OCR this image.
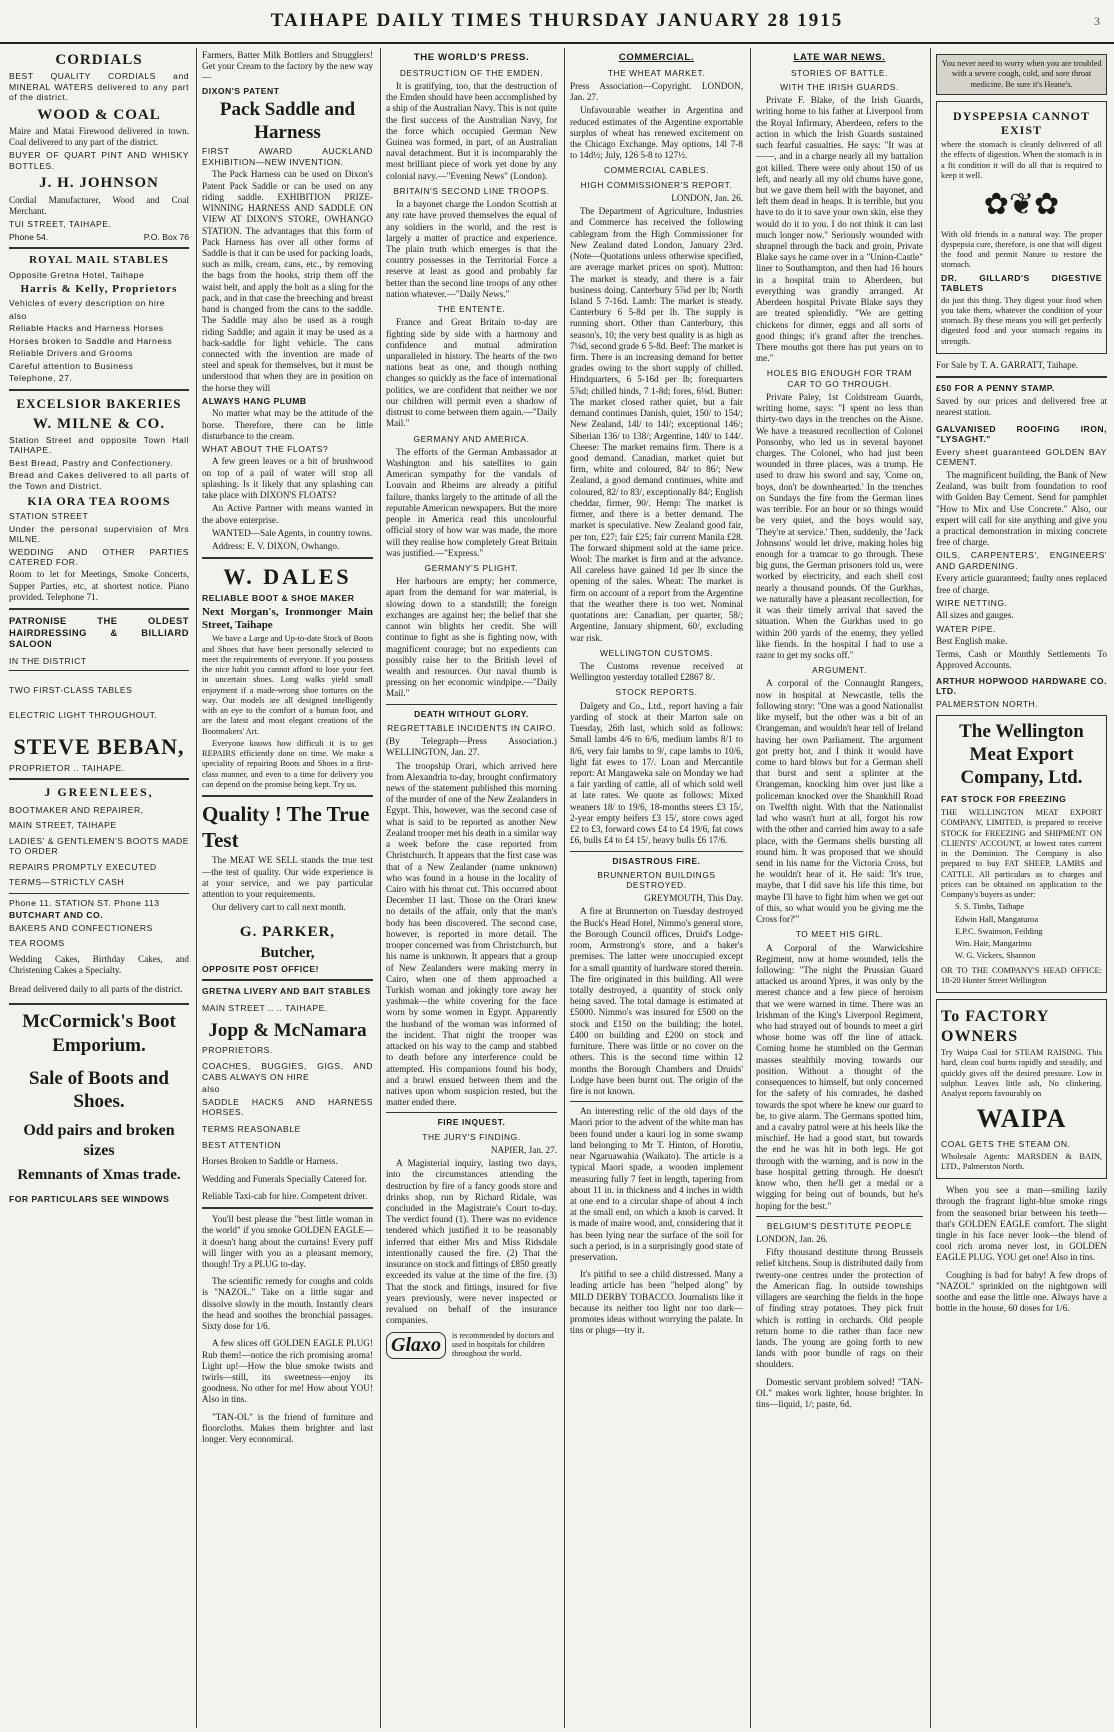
TAIHAPE DAILY TIMES THURSDAY JANUARY 28 1915	3
CORDIALS
BEST QUALITY CORDIALS and MINERAL WATERS delivered to any part of the district.
WOOD & COAL
Maire and Matai Firewood delivered in town. Coal delivered to any part of the district.
BUYER OF QUART PINT AND WHISKY BOTTLES.
J. H. JOHNSON
Cordial Manufacturer, Wood and Coal Merchant.
TUI STREET, TAIHAPE.
Phone 54.	P.O. Box 76
ROYAL MAIL STABLES
Opposite Gretna Hotel, Taihape
Harris & Kelly, Proprietors
Vehicles of every description on hire
also
Reliable Hacks and Harness Horses
Horses broken to Saddle and Harness
Reliable Drivers and Grooms
Careful attention to Business
Telephone, 27.
EXCELSIOR BAKERIES
W. MILNE & CO.
Station Street and opposite Town Hall TAIHAPE.
Best Bread, Pastry and Confectionery.
Bread and Cakes delivered to all parts of the Town and District.
KIA ORA TEA ROOMS
STATION STREET
Under the personal supervision of Mrs MILNE.
WEDDING AND OTHER PARTIES CATERED FOR.
Room to let for Meetings, Smoke Concerts, Supper Parties, etc, at shortest notice. Piano provided. Telephone 71.
PATRONISE THE OLDEST HAIRDRESSING & BILLIARD SALOON
IN THE DISTRICT
TWO FIRST-CLASS TABLES
ELECTRIC LIGHT THROUGHOUT.
STEVE BEBAN,
PROPRIETOR .. TAIHAPE.
J GREENLEES,
BOOTMAKER AND REPAIRER,
MAIN STREET, TAIHAPE
LADIES' & GENTLEMEN'S BOOTS MADE TO ORDER
REPAIRS PROMPTLY EXECUTED
TERMS—STRICTLY CASH
Phone 11. STATION ST. Phone 113
BUTCHART AND CO.
BAKERS AND CONFECTIONERS
TEA ROOMS
Wedding Cakes, Birthday Cakes, and Christening Cakes a Specialty.
Bread delivered daily to all parts of the district.
McCormick's Boot Emporium.
Sale of Boots and Shoes.
Odd pairs and broken sizes
Remnants of Xmas trade.
FOR PARTICULARS SEE WINDOWS
Farmers, Batter Milk Bottlers and Strugglers! Get your Cream to the factory by the new way—
DIXON'S PATENT
Pack Saddle and Harness
FIRST AWARD AUCKLAND EXHIBITION—NEW INVENTION.
The Pack Harness can be used on Dixon's Patent Pack Saddle or can be used on any riding saddle. EXHIBITION PRIZE-WINNING HARNESS AND SADDLE ON VIEW AT DIXON'S STORE, OWHANGO STATION. The advantages that this form of Pack Harness has over all other forms of Saddle is that it can be used for packing loads, such as milk, cream, cans, etc., by removing the bags from the hooks, strip them off the waist belt, and apply the bolt as a sling for the pack, and in that case the breeching and breast band is changed from the cans to the saddle. The Saddle may also be used as a rough riding Saddle; and again it may be used as a back-saddle for light vehicle. The cans connected with the invention are made of steel and speak for themselves, but it must be understood that when they are in position on the horse they will
ALWAYS HANG PLUMB
No matter what may be the attitude of the horse. Therefore, there can be little disturbance to the cream.
WHAT ABOUT THE FLOATS?
A few green leaves or a bit of brushwood on top of a pail of water will stop all splashing. Is it likely that any splashing can take place with DIXON'S FLOATS?
An Active Partner with means wanted in the above enterprise.
WANTED—Sale Agents, in country towns.
Address: E. V. DIXON, Owhango.
W. DALES
RELIABLE BOOT & SHOE MAKER
Next Morgan's, Ironmonger Main Street, Taihape
We have a Large and Up-to-date Stock of Boots and Shoes that have been personally selected to meet the requirements of everyone. If you possess the nice habit you cannot afford to lose your feet in uncertain shoes. Long walks yield small enjoyment if a made-wrong shoe tortures on the way. Our models are all designed intelligently with an eye to the comfort of a human foot, and are the latest and most elegant creations of the Bootmakers' Art.
Everyone knows how difficult it is to get REPAIRS efficiently done on time. We make a speciality of repairing Boots and Shoes in a first-class manner, and even to a time for delivery you can depend on the promise being kept. Try us.
Quality ! The True Test
The MEAT WE SELL stands the true test—the test of quality. Our wide experience is at your service, and we pay particular attention to your requirements.
Our delivery cart to call next month.
G. PARKER,
Butcher,
OPPOSITE POST OFFICE!
GRETNA LIVERY AND BAIT STABLES
MAIN STREET .. .. TAIHAPE.
Jopp & McNamara
PROPRIETORS.
COACHES, BUGGIES, GIGS, AND CABS ALWAYS ON HIRE
also
SADDLE HACKS AND HARNESS HORSES.
TERMS REASONABLE
BEST ATTENTION
Horses Broken to Saddle or Harness.
Wedding and Funerals Specially Catered for.
Reliable Taxi-cab for hire. Competent driver.
You'll best please the "best little woman in the world" if you smoke GOLDEN EAGLE—it doesn't hang about the curtains! Every puff will linger with you as a pleasant memory, though! Try a PLUG to-day.
The scientific remedy for coughs and colds is "NAZOL." Take on a little sugar and dissolve slowly in the mouth. Instantly clears the head and soothes the bronchial passages. Sixty dose for 1/6.
A few slices off GOLDEN EAGLE PLUG! Rub them!—notice the rich promising aroma! Light up!—How the blue smoke twists and twirls—still, its sweetness—enjoy its goodness. No other for me! How about YOU! Also in tins.
"TAN-OL" is the friend of furniture and floorcloths. Makes them brighter and last longer. Very economical.
THE WORLD'S PRESS.
DESTRUCTION OF THE EMDEN.
It is gratifying, too, that the destruction of the Emden should have been accomplished by a ship of the Australian Navy. This is not quite the first success of the Australian Navy, for the force which occupied German New Guinea was formed, in part, of an Australian naval detachment. But it is incomparably the most brilliant piece of work yet done by any colonial navy.—"Evening News" (London).
BRITAIN'S SECOND LINE TROOPS.
In a bayonet charge the London Scottish at any rate have proved themselves the equal of any soldiers in the world, and the rest is largely a matter of practice and experience. The plain truth which emerges is that the country possesses in the Territorial Force a reserve at least as good and probably far better than the second line troops of any other nation whatever.—"Daily News."
THE ENTENTE.
France and Great Britain to-day are fighting side by side with a harmony and confidence and mutual admiration unparalleled in history. The hearts of the two nations beat as one, and though nothing changes so quickly as the face of international politics, we are confident that neither we nor our children will permit even a shadow of distrust to come between them again.—"Daily Mail."
GERMANY AND AMERICA.
The efforts of the German Ambassador at Washington and his satellites to gain American sympathy for the vandals of Louvain and Rheims are already a pitiful failure, thanks largely to the attitude of all the reputable American newspapers. But the more people in America read this uncolourful official story of how war was made, the more will they realise how completely Great Britain was justified.—"Express."
GERMANY'S PLIGHT.
Her harbours are empty; her commerce, apart from the demand for war material, is slowing down to a standstill; the foreign exchanges are against her; the belief that she cannot win blights her credit. She will continue to fight as she is fighting now, with magnificent courage; but no expedients can possibly raise her to the British level of wealth and resources. Our naval thumb is pressing on her economic windpipe.—"Daily Mail."
DEATH WITHOUT GLORY.
REGRETTABLE INCIDENTS IN CAIRO.
(By Telegraph—Press Association.) WELLINGTON, Jan. 27.
The troopship Orari, which arrived here from Alexandria to-day, brought confirmatory news of the statement published this morning of the murder of one of the New Zealanders in Egypt. This, however, was the second case of what is said to be reported as another New Zealand trooper met his death in a similar way a week before the case reported from Christchurch. It appears that the first case was that of a New Zealander (name unknown) who was found in a house in the locality of Cairo with his throat cut. This occurred about December 11 last. Those on the Orari knew no details of the affair, only that the man's body has been discovered. The second case, however, is reported in more detail. The trooper concerned was from Christchurch, but his name is unknown. It appears that a group of New Zealanders were making merry in Cairo, when one of them approached a Turkish woman and jokingly tore away her yashmak—the white covering for the face worn by some women in Egypt. Apparently the husband of the woman was informed of the incident. That night the trooper was attacked on his way to the camp and stabbed to death before any interference could be attempted. His companions found his body, and a brawl ensued between them and the natives upon whom suspicion rested, but the matter ended there.
FIRE INQUEST.
THE JURY'S FINDING.
NAPIER, Jan. 27.
A Magisterial inquiry, lasting two days, into the circumstances attending the destruction by fire of a fancy goods store and drinks shop, run by Richard Ridale, was concluded in the Magistrate's Court to-day. The verdict found (1). There was no evidence tendered which justified it to be reasonably inferred that either Mrs and Miss Ridsdale intentionally caused the fire. (2) That the insurance on stock and fittings of £850 greatly exceeded its value at the time of the fire. (3) That the stock and fittings, insured for five years previously, were never inspected or revalued on behalf of the insurance companies.
Glaxo	is recommended by doctors and used in hospitals for children throughout the world.
COMMERCIAL.
THE WHEAT MARKET.
Press Association—Copyright. LONDON, Jan. 27.
Unfavourable weather in Argentina and reduced estimates of the Argentine exportable surplus of wheat has renewed excitement on the Chicago Exchange. May options, 14l 7-8 to 14d½; July, 126 5-8 to 127½.
COMMERCIAL CABLES.
HIGH COMMISSIONER'S REPORT.
LONDON, Jan. 26.
The Department of Agriculture, Industries and Commerce has received the following cablegram from the High Commissioner for New Zealand dated London, January 23rd. (Note—Quotations unless otherwise specified, are average market prices on spot). Mutton: The market is steady, and there is a fair business doing. Canterbury 5⅞d per lb; North Island 5 7-16d. Lamb: The market is steady. Canterbury 6 5-8d per lb. The supply is running short. Other than Canterbury, this season's, 10; the very best quality is as high as 7⅛d, second grade 6 5-8d. Beef: The market is firm. There is an increasing demand for better grades owing to the short supply of chilled. Hindquarters, 6 5-16d per lb; forequarters 5⅞d; chilled hinds, 7 1-8d; fores, 6⅛d. Butter: The market closed rather quiet, but a fair demand continues Danish, quiet, 150/ to 154/; New Zealand, 14l/ to 14l/; exceptional 146/; Siberian 136/ to 138/; Argentine, 140/ to 144/. Cheese: The market remains firm. There is a good demand. Canadian, market quiet but firm, white and coloured, 84/ to 86/; New Zealand, a good demand continues, white and coloured, 82/ to 83/, exceptionally 84/; English cheddar, firmer, 90/. Hemp: The market is firmer, and there is a better demand. The market is speculative. New Zealand good fair, per ton, £27; fair £25; fair current Manila £28. The forward shipment sold at the same price. Wool: The market is firm and at the advance. All careless have gained 1d per lb since the opening of the sales. Wheat: The market is firm on account of a report from the Argentine that the weather there is too wet. Nominal quotations are: Canadian, per quarter, 58/; Argentine, January shipment, 60/, excluding war risk.
WELLINGTON CUSTOMS.
The Customs revenue received at Wellington yesterday totalled £2867 8/.
STOCK REPORTS.
Dalgety and Co., Ltd., report having a fair yarding of stock at their Marton sale on Tuesday, 26th last, which sold as follows: Small lambs 4/6 to 6/6, medium lambs 8/1 to 8/6, very fair lambs to 9/, cape lambs to 10/6, light fat ewes to 17/. Loan and Mercantile report: At Mangaweka sale on Monday we had a fair yarding of cattle, all of which sold well at late rates. We quote as follows: Mixed weaners 18/ to 19/6, 18-months steers £3 15/, 2-year empty heifers £3 15/, store cows aged £2 to £3, forward cows £4 to £4 19/6, fat cows £6, bulls £4 to £4 15/, heavy bulls £6 17/6.
DISASTROUS FIRE.
BRUNNERTON BUILDINGS DESTROYED.
GREYMOUTH, This Day.
A fire at Brunnerton on Tuesday destroyed the Buck's Head Hotel, Nimmo's general store, the Borough Council offices, Druid's Lodge-room, Armstrong's store, and a baker's premises. The latter were unoccupied except for a small quantity of hardware stored therein. The fire originated in this building. All were totally destroyed, a quantity of stock only being saved. The total damage is estimated at £5000. Nimmo's was insured for £500 on the stock and £150 on the building; the hotel, £400 on building and £200 on stock and furniture. There was little or no cover on the others. This is the second time within 12 months the Borough Chambers and Druids' Lodge have been burnt out. The origin of the fire is not known.
An interesting relic of the old days of the Maori prior to the advent of the white man has been found under a kauri log in some swamp land belonging to Mr T. Hinton, of Horotiu, near Ngaruawahia (Waikato). The article is a typical Maori spade, a wooden implement measuring fully 7 feet in length, tapering from about 11 in. in thickness and 4 inches in width at one end to a circular shape of about 4 inch at the small end, on which a knob is carved. It is made of maire wood, and, considering that it has been lying near the surface of the soil for such a period, is in a surprisingly good state of preservation.
It's pitiful to see a child distressed. Many a leading article has been "helped along" by MILD DERBY TOBACCO. Journalists like it because its neither too light nor too dark—promotes ideas without worrying the palate. In tins or plugs—try it.
LATE WAR NEWS.
STORIES OF BATTLE.
WITH THE IRISH GUARDS.
Private F. Blake, of the Irish Guards, writing home to his father at Liverpool from the Royal Infirmary, Aberdeen, refers to the action in which the Irish Guards sustained such fearful casualties. He says: "It was at ——, and in a charge nearly all my battalion got killed. There were only about 150 of us left, and nearly all my old chums have gone, but we gave them hell with the bayonet, and left them dead in heaps. It is terrible, but you have to do it to save your own skin, else they would do it to you. I do not think it can last much longer now." Seriously wounded with shrapnel through the back and groin, Private Blake says he came over in a "Union-Castle" liner to Southampton, and then had 16 hours in a hospital train to Aberdeen, but everything was grandly arranged. At Aberdeen hospital Private Blake says they are treated splendidly. "We are getting chickens for dinner, eggs and all sorts of good things; it's grand after the trenches. There mouths got there has put years on to me."
HOLES BIG ENOUGH FOR TRAM CAR TO GO THROUGH.
Private Paley, 1st Coldstream Guards, writing home, says: "I spent no less than thirty-two days in the trenches on the Aisne. We have a treasured recollection of Colonel Ponsonby, who led us in several bayonet charges. The Colonel, who had just been wounded in three places, was a trump. He used to draw his sword and say, 'Come on, boys, don't be downhearted.' In the trenches on Sundays the fire from the German lines was terrible. For an hour or so things would be very quiet, and the boys would say, 'They're at service.' Then, suddenly, the 'Jack Johnsons' would let drive, making holes big enough for a tramcar to go through. These big guns, the German prisoners told us, were worked by electricity, and each shell cost nearly a thousand pounds. Of the Gurkhas, we naturally have a pleasant recollection, for it was their timely arrival that saved the situation. When the Gurkhas used to go within 200 yards of the enemy, they yelled like fiends. In the hospital I had to use a razor to get my socks off."
ARGUMENT.
A corporal of the Connaught Rangers, now in hospital at Newcastle, tells the following story: "One was a good Nationalist like myself, but the other was a bit of an Orangeman, and wouldn't hear tell of Ireland having her own Parliament. The argument got pretty hot, and I think it would have come to hard blows but for a German shell that burst and sent a splinter at the Orangeman, knocking him over just like a policeman knocked over the Shankhill Road on Twelfth night. With that the Nationalist lad who wasn't hurt at all, forgot his row with the other and carried him away to a safe place, with the Germans shells bursting all round him. It was proposed that we should send in his name for the Victoria Cross, but he wouldn't hear of it. He said: 'It's true, maybe, that I did save his life this time, but maybe I'll have to fight him when we get out of this, so what would you be giving me the Cross for?'"
TO MEET HIS GIRL.
A Corporal of the Warwickshire Regiment, now at home wounded, tells the following: "The night the Prussian Guard attacked us around Ypres, it was only by the merest chance and a few piece of heroism that we were warned in time. There was an Irishman of the King's Liverpool Regiment, who had strayed out of bounds to meet a girl whose home was off the line of attack. Coming home he stumbled on the German masses stealthily moving towards our position. Without a thought of the consequences to himself, but only concerned for the safety of his comrades, he dashed towards the spot where he knew our guard to be, to give alarm. The Germans spotted him, and a cavalry patrol were at his heels like the mischief. He had a good start, but towards the end he was hit in both legs. He got through with the warning, and is now in the base hospital getting through. He doesn't know who, then he'll get a medal or a wigging for being out of bounds, but he's hoping for the best."
BELGIUM'S DESTITUTE PEOPLE
LONDON, Jan. 26.
Fifty thousand destitute throng Brussels relief kitchens. Soup is distributed daily from twenty-one centres under the protection of the American flag. In outside townships villagers are searching the fields in the hope of finding stray potatoes. They pick fruit which is rotting in orchards. Old people return home to die rather than face new lands. The young are going forth to new lands with poor bundle of rags on their shoulders.
Domestic servant problem solved! "TAN-OL" makes work lighter, house brighter. In tins—liquid, 1/; paste, 6d.
You never need to worry when you are troubled with a severe cough, cold, and sore throat medicine. Be sure it's Heane's.
DYSPEPSIA CANNOT EXIST
where the stomach is cleanly delivered of all the effects of digestion. When the stomach is in a fit condition it will do all that is required to keep it well.
✿❦✿
With old friends in a natural way. The proper dyspepsia cure, therefore, is one that will digest the food and permit Nature to restore the stomach.
DR. GILLARD'S DIGESTIVE TABLETS
do just this thing. They digest your food when you take them, whatever the condition of your stomach. By these means you will get perfectly digested food and your stomach regains its strength.
For Sale by T. A. GARRATT, Taihape.
£50 FOR A PENNY STAMP.
Saved by our prices and delivered free at nearest station.
GALVANISED ROOFING IRON, "LYSAGHT."
Every sheet guaranteed GOLDEN BAY CEMENT.
The magnificent building, the Bank of New Zealand, was built from foundation to roof with Golden Bay Cement. Send for pamphlet "How to Mix and Use Concrete." Also, our expert will call for site anything and give you a practical demonstration in mixing concrete free of charge.
OILS, CARPENTERS', ENGINEERS' AND GARDENING.
Every article guaranteed; faulty ones replaced free of charge.
WIRE NETTING.
All sizes and gauges.
WATER PIPE.
Best English make.
Terms, Cash or Monthly Settlements To Approved Accounts.
ARTHUR HOPWOOD HARDWARE CO. LTD.
PALMERSTON NORTH.
The Wellington Meat Export Company, Ltd.
FAT STOCK FOR FREEZING
THE WELLINGTON MEAT EXPORT COMPANY, LIMITED, is prepared to receive STOCK for FREEZING and SHIPMENT ON CLIENTS' ACCOUNT, at lowest rates current in the Dominion. The Company is also prepared to buy FAT SHEEP, LAMBS and CATTLE. All particulars as to charges and prices can be obtained on application to the Company's buyers as under:
S. S. Timbs, Taihape
Edwin Hall, Mangaturoa
E.P.C. Swainson, Feilding
Wm. Hair, Mangarimu
W. G. Vickers, Shannon
OR TO THE COMPANY'S HEAD OFFICE: 18-20 Hunter Street Wellington
To FACTORY OWNERS
Try Waipa Coal for STEAM RAISING. This hard, clean coal burns rapidly and steadily, and quickly gives off the desired pressure. Low in sulphur. Leaves little ash, No clinkering. Analyst reports favourably on
WAIPA
COAL GETS THE STEAM ON.
Wholesale Agents: MARSDEN & BAIN, LTD., Palmerston North.
When you see a man—smiling lazily through the fragrant light-blue smoke rings from the seasoned briar between his teeth—that's GOLDEN EAGLE comfort. The slight tingle in his face never look—the blend of cool rich aroma never lost, in GOLDEN EAGLE PLUG. YOU get one! Also in tins.
Coughing is bad for baby! A few drops of "NAZOL" sprinkled on the nightgown will soothe and ease the little one. Always have a bottle in the house, 60 doses for 1/6.
